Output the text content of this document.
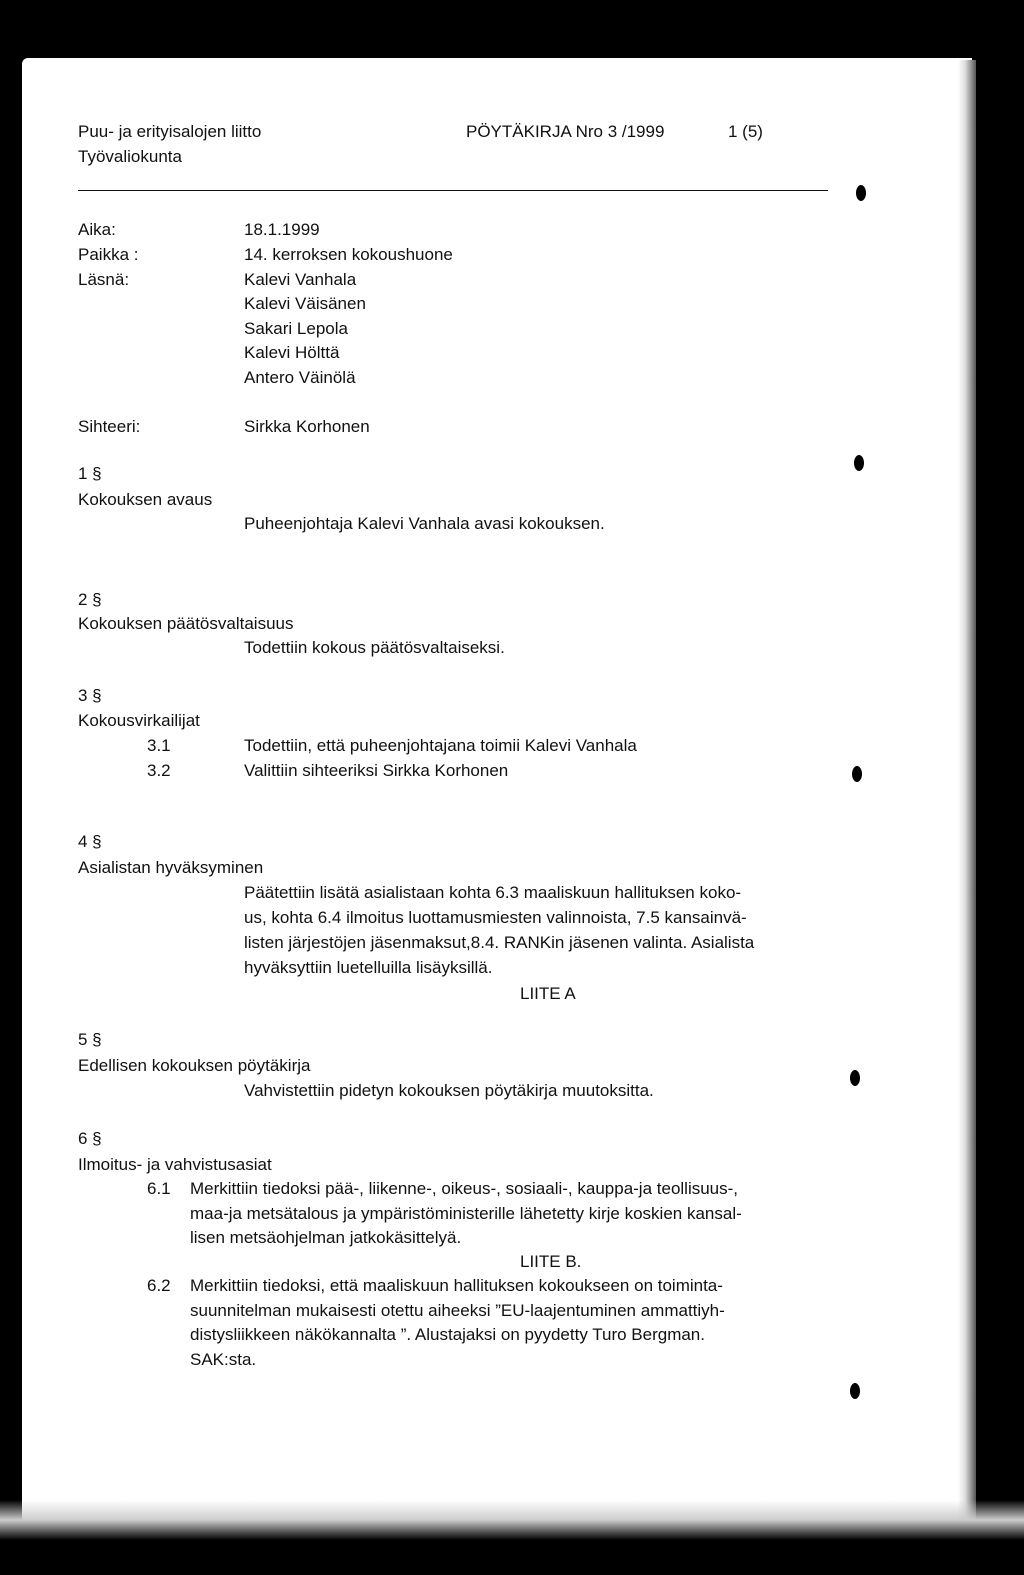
Puu- ja erityisalojen liitto
Työvaliokunta
PÖYTÄKIRJA Nro 3 /1999	1 (5)
Aika:	18.1.1999
Paikka :	14. kerroksen kokoushuone
Läsnä:	Kalevi Vanhala
Kalevi Väisänen
Sakari Lepola
Kalevi Hölttä
Antero Väinölä
Sihteeri:	Sirkka Korhonen
1 §
Kokouksen avaus
Puheenjohtaja Kalevi Vanhala avasi kokouksen.
2 §
Kokouksen päätösvaltaisuus
Todettiin kokous päätösvaltaiseksi.
3 §
Kokousvirkailijat
3.1	Todettiin, että puheenjohtajana toimii Kalevi Vanhala
3.2	Valittiin sihteeriksi Sirkka Korhonen
4 §
Asialistan hyväksyminen
Päätettiin lisätä asialistaan kohta 6.3 maaliskuun hallituksen koko-
us, kohta 6.4 ilmoitus luottamusmiesten valinnoista, 7.5 kansainvä-
listen järjestöjen jäsenmaksut,8.4. RANKin jäsenen valinta. Asialista
hyväksyttiin luetelluilla lisäyksillä.
LIITE A
5 §
Edellisen kokouksen pöytäkirja
Vahvistettiin pidetyn kokouksen pöytäkirja muutoksitta.
6 §
Ilmoitus- ja vahvistusasiat
6.1 Merkittiin tiedoksi pää-, liikenne-, oikeus-, sosiaali-, kauppa-ja teollisuus-,
maa-ja metsätalous ja ympäristöministerille lähetetty kirje koskien kansal-
lisen metsäohjelman jatkokäsittelyä.
LIITE B.
6.2 Merkittiin tiedoksi, että maaliskuun hallituksen kokoukseen on toiminta-
suunnitelman mukaisesti otettu aiheeksi ”EU-laajentuminen ammattiyh-
distysliikkeen näkökannalta ”. Alustajaksi on pyydetty Turo Bergman.
SAK:sta.
